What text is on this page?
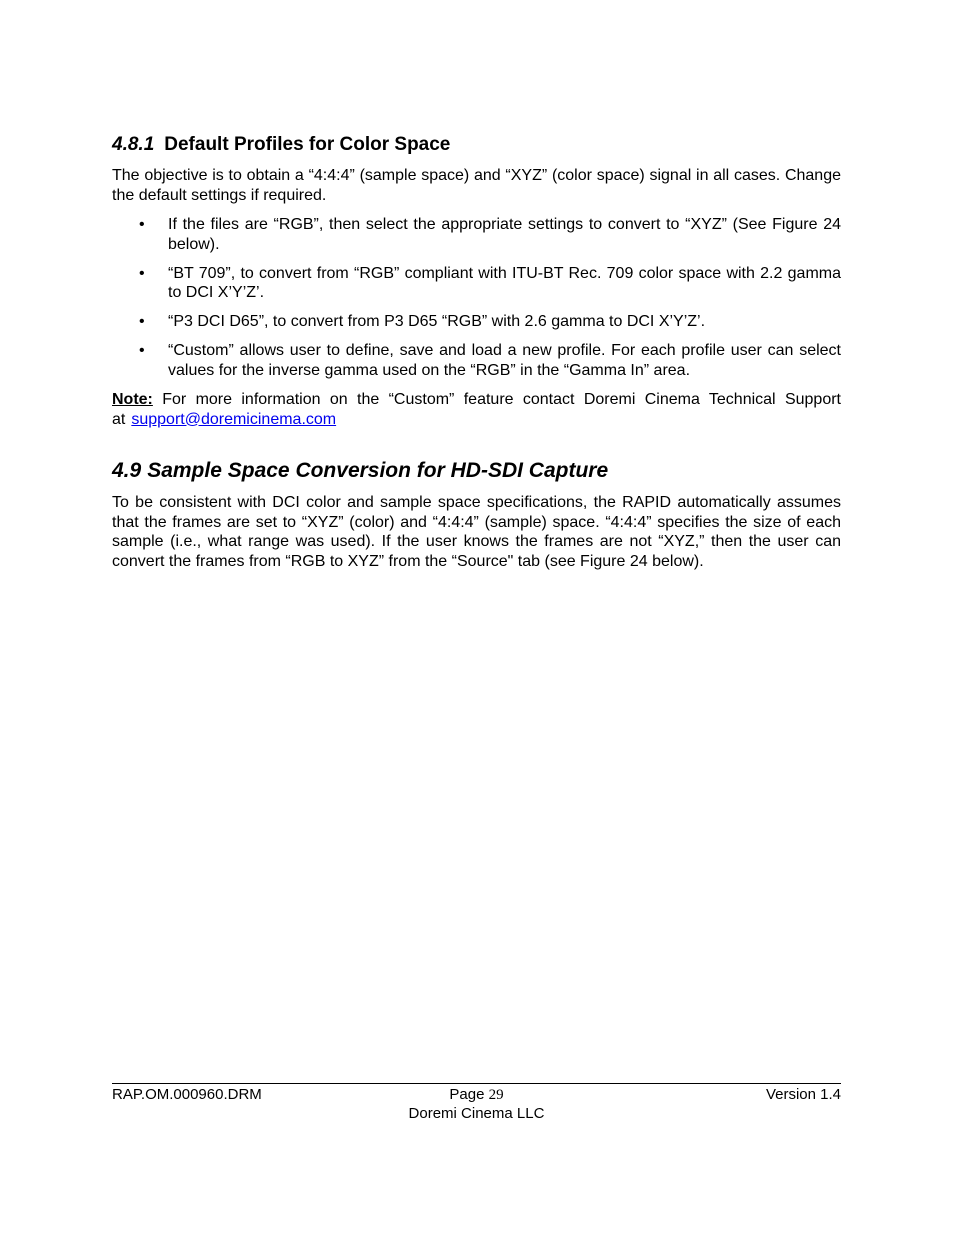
4.8.1 Default Profiles for Color Space

The objective is to obtain a “4:4:4” (sample space) and “XYZ” (color space) signal in all cases. Change the default settings if required.

• If the files are “RGB”, then select the appropriate settings to convert to “XYZ” (See Figure 24 below).
• “BT 709”, to convert from “RGB” compliant with ITU-BT Rec. 709 color space with 2.2 gamma to DCI X’Y’Z’.
• “P3 DCI D65”, to convert from P3 D65 “RGB” with 2.6 gamma to DCI X’Y’Z’.
• “Custom” allows user to define, save and load a new profile. For each profile user can select values for the inverse gamma used on the “RGB” in the “Gamma In” area.

Note: For more information on the “Custom” feature contact Doremi Cinema Technical Support at support@doremicinema.com

4.9 Sample Space Conversion for HD-SDI Capture

To be consistent with DCI color and sample space specifications, the RAPID automatically assumes that the frames are set to “XYZ” (color) and “4:4:4” (sample) space. “4:4:4” specifies the size of each sample (i.e., what range was used). If the user knows the frames are not “XYZ,” then the user can convert the frames from “RGB to XYZ” from the “Source" tab (see Figure 24 below).

RAP.OM.000960.DRM	Page 29	Version 1.4
Doremi Cinema LLC
